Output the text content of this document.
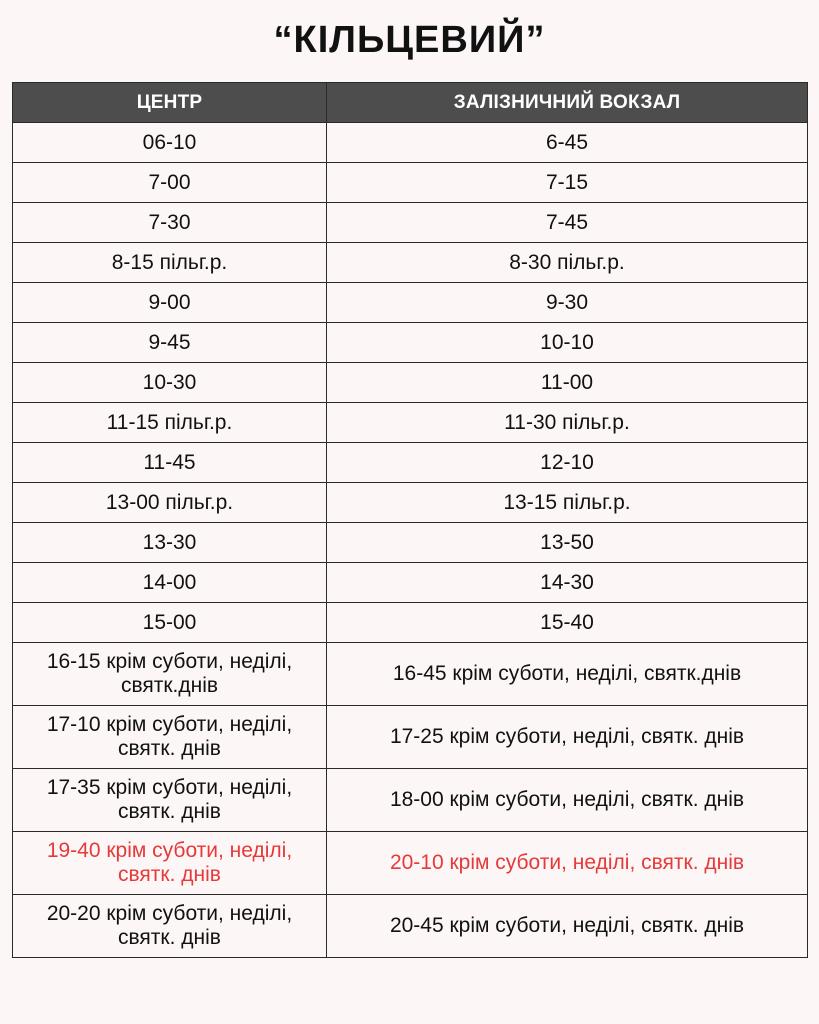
“КІЛЬЦЕВИЙ”
ЦЕНТР	ЗАЛІЗНИЧНИЙ ВОКЗАЛ
06-10	6-45
7-00	7-15
7-30	7-45
8-15 пільг.р.	8-30 пільг.р.
9-00	9-30
9-45	10-10
10-30	11-00
11-15 пільг.р.	11-30 пільг.р.
11-45	12-10
13-00 пільг.р.	13-15 пільг.р.
13-30	13-50
14-00	14-30
15-00	15-40
16-15 крім суботи, неділі, святк.днів	16-45 крім суботи, неділі, святк.днів
17-10 крім суботи, неділі, святк. днів	17-25 крім суботи, неділі, святк. днів
17-35 крім суботи, неділі, святк. днів	18-00 крім суботи, неділі, святк. днів
19-40 крім суботи, неділі, святк. днів	20-10 крім суботи, неділі, святк. днів
20-20 крім суботи, неділі, святк. днів	20-45 крім суботи, неділі, святк. днів
